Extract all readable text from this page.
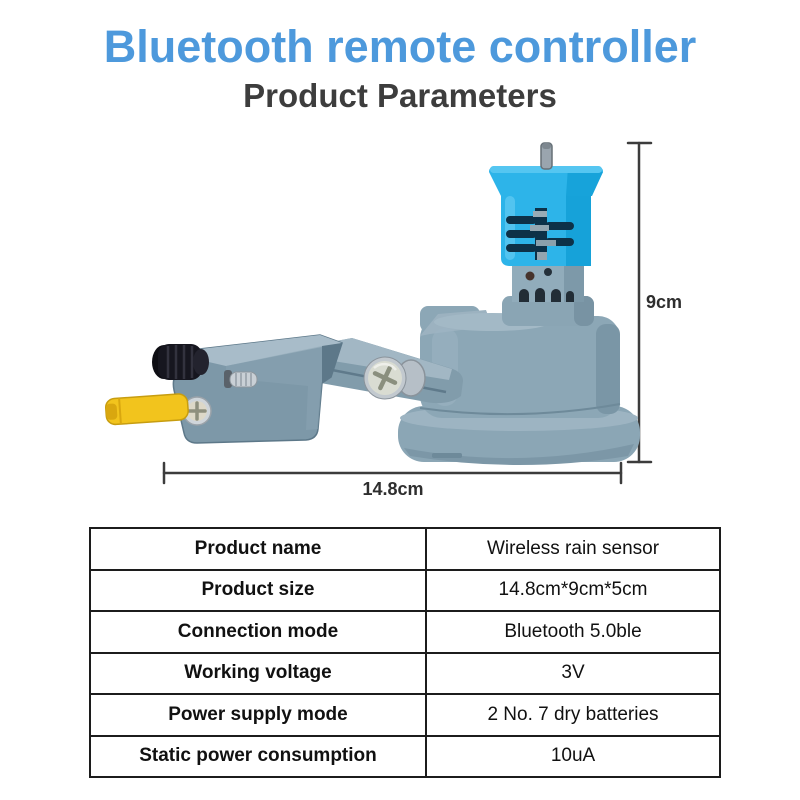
Bluetooth remote controller
Product Parameters
9cm
14.8cm
Product name	Wireless rain sensor
Product size	14.8cm*9cm*5cm
Connection mode	Bluetooth 5.0ble
Working voltage	3V
Power supply mode	2 No. 7 dry batteries
Static power consumption	10uA
